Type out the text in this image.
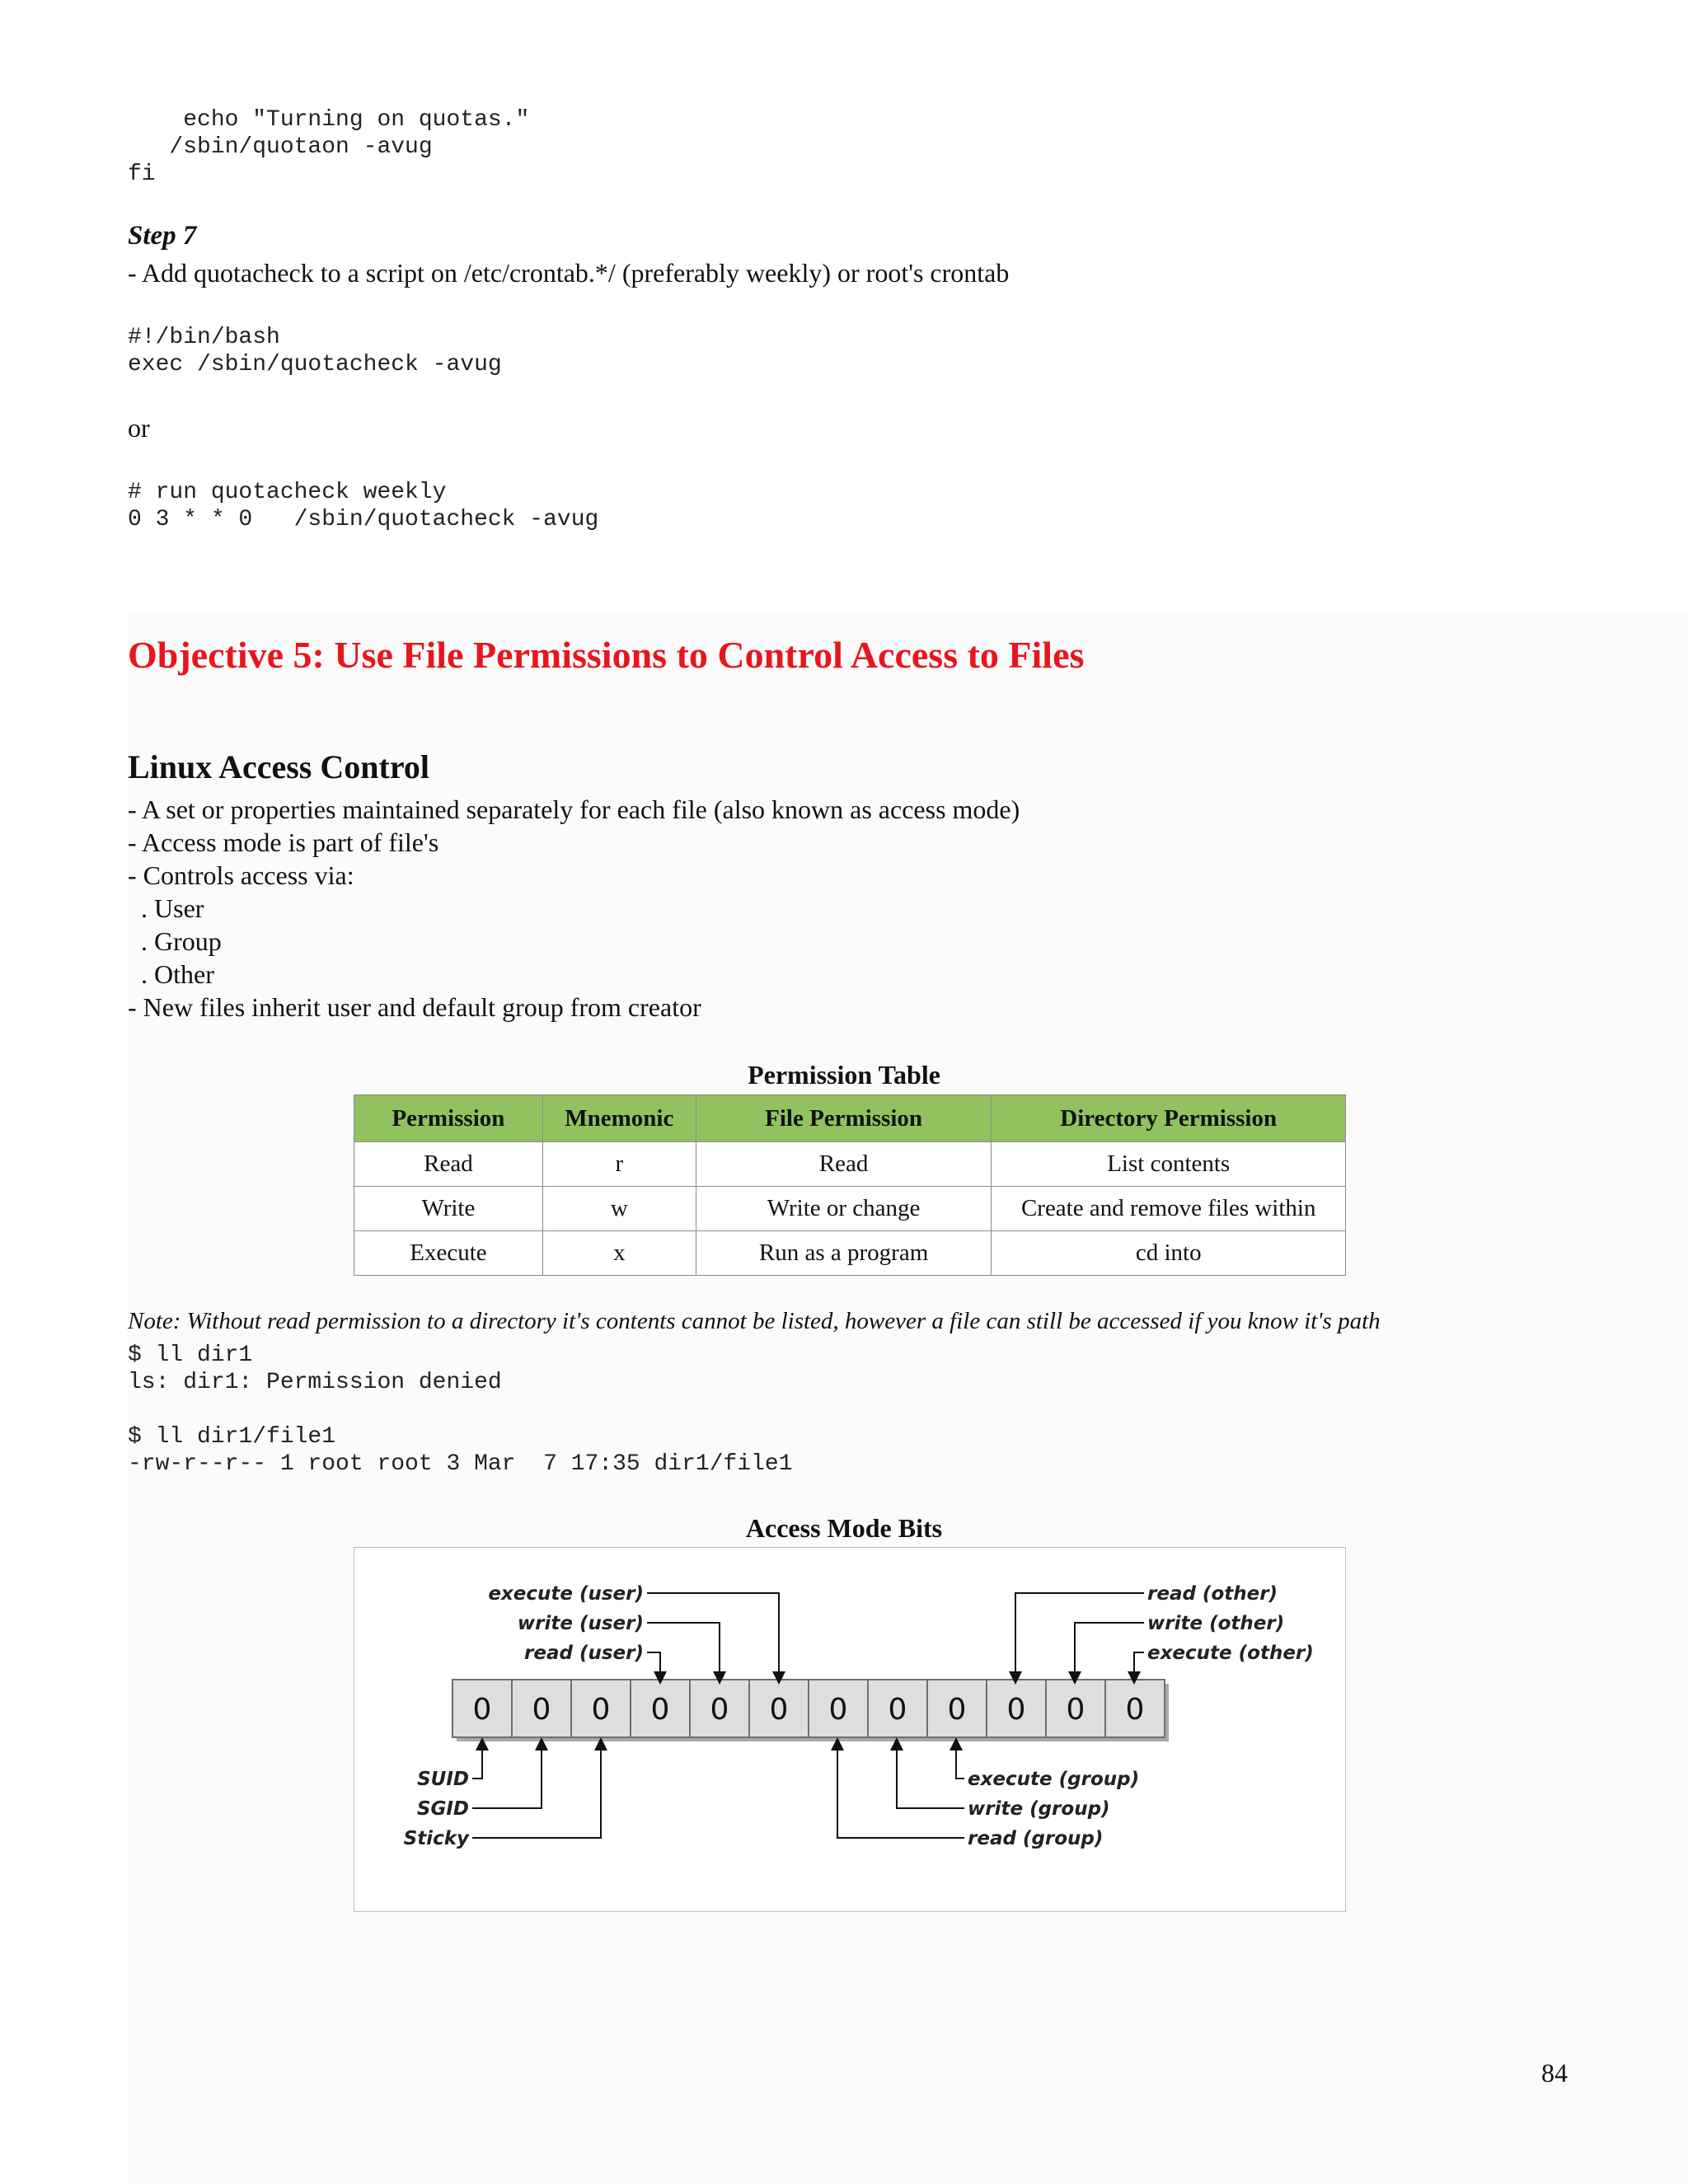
echo "Turning on quotas."
/sbin/quotaon -avug
fi
Step 7
- Add quotacheck to a script on /etc/crontab.*/ (preferably weekly) or root's crontab
#!/bin/bash
exec /sbin/quotacheck -avug
or
# run quotacheck weekly
0 3 * * 0   /sbin/quotacheck -avug
Objective 5: Use File Permissions to Control Access to Files
Linux Access Control
- A set or properties maintained separately for each file (also known as access mode)
- Access mode is part of file's
- Controls access via:
. User
. Group
. Other
- New files inherit user and default group from creator
Permission Table
Permission	Mnemonic	File Permission	Directory Permission
Read	r	Read	List contents
Write	w	Write or change	Create and remove files within
Execute	x	Run as a program	cd into
Note: Without read permission to a directory it's contents cannot be listed, however a file can still be accessed if you know it's path
$ ll dir1
ls: dir1: Permission denied

$ ll dir1/file1
-rw-r--r-- 1 root root 3 Mar  7 17:35 dir1/file1
Access Mode Bits
0 0 0 0 0 0 0 0 0 0 0 0
execute (user)
write (user)
read (user)
read (other)
write (other)
execute (other)
SUID
SGID
Sticky
execute (group)
write (group)
read (group)
84
